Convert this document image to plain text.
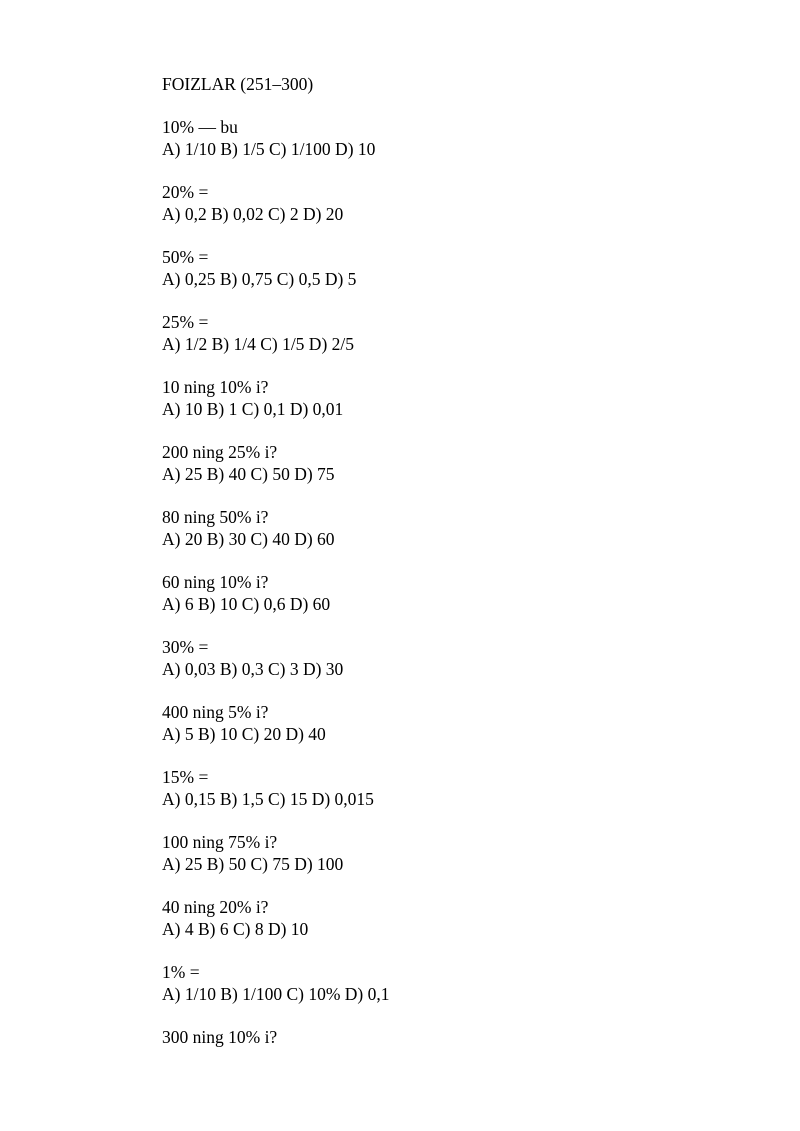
FOIZLAR (251–300)

10% — bu

A) 1/10 B) 1/5 C) 1/100 D) 10

20% =

A) 0,2 B) 0,02 C) 2 D) 20

50% =

A) 0,25 B) 0,75 C) 0,5 D) 5

25% =

A) 1/2 B) 1/4 C) 1/5 D) 2/5

10 ning 10% i?

A) 10 B) 1 C) 0,1 D) 0,01

200 ning 25% i?

A) 25 B) 40 C) 50 D) 75

80 ning 50% i?

A) 20 B) 30 C) 40 D) 60

60 ning 10% i?

A) 6 B) 10 C) 0,6 D) 60

30% =

A) 0,03 B) 0,3 C) 3 D) 30

400 ning 5% i?

A) 5 B) 10 C) 20 D) 40

15% =

A) 0,15 B) 1,5 C) 15 D) 0,015

100 ning 75% i?

A) 25 B) 50 C) 75 D) 100

40 ning 20% i?

A) 4 B) 6 C) 8 D) 10

1% =

A) 1/10 B) 1/100 C) 10% D) 0,1

300 ning 10% i?
